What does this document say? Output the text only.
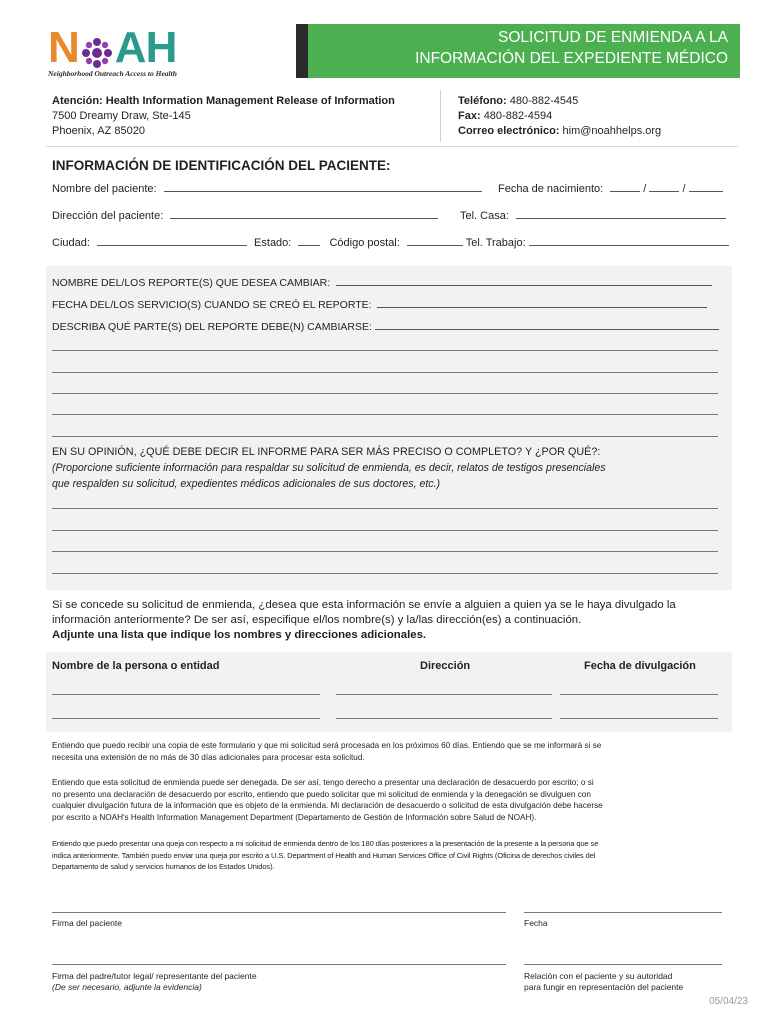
N A H
Neighborhood Outreach Access to Health
SOLICITUD DE ENMIENDA A LA
INFORMACIÓN DEL EXPEDIENTE MÉDICO
Atención: Health Information Management Release of Information
7500 Dreamy Draw, Ste-145
Phoenix, AZ 85020
Teléfono: 480-882-4545
Fax: 480-882-4594
Correo electrónico: him@noahhelps.org
INFORMACIÓN DE IDENTIFICACIÓN DEL PACIENTE:
Nombre del paciente:	Fecha de nacimiento:	/	/
Dirección del paciente:	Tel. Casa:
Ciudad:	Estado:	Código postal:	Tel. Trabajo:
NOMBRE DEL/LOS REPORTE(S) QUE DESEA CAMBIAR:
FECHA DEL/LOS SERVICIO(S) CUANDO SE CREÓ EL REPORTE:
DESCRIBA QUÉ PARTE(S) DEL REPORTE DEBE(N) CAMBIARSE:
EN SU OPINIÓN, ¿QUÉ DEBE DECIR EL INFORME PARA SER MÁS PRECISO O COMPLETO? Y ¿POR QUÉ?:
(Proporcione suficiente información para respaldar su solicitud de enmienda, es decir, relatos de testigos presenciales
que respalden su solicitud, expedientes médicos adicionales de sus doctores, etc.)
Si se concede su solicitud de enmienda, ¿desea que esta información se envíe a alguien a quien ya se le haya divulgado la
información anteriormente? De ser así, especifique el/los nombre(s) y la/las dirección(es) a continuación.
Adjunte una lista que indique los nombres y direcciones adicionales.
Nombre de la persona o entidad	Dirección	Fecha de divulgación
Entiendo que puedo recibir una copia de este formulario y que mi solicitud será procesada en los próximos 60 días. Entiendo que se me informará si se
necesita una extensión de no más de 30 días adicionales para procesar esta solicitud.
Entiendo que esta solicitud de enmienda puede ser denegada. De ser así, tengo derecho a presentar una declaración de desacuerdo por escrito; o si
no presento una declaración de desacuerdo por escrito, entiendo que puedo solicitar que mi solicitud de enmienda y la denegación se divulguen con
cualquier divulgación futura de la información que es objeto de la enmienda. Mi declaración de desacuerdo o solicitud de esta divulgación debe hacerse
por escrito a NOAH's Health Information Management Department (Departamento de Gestión de Información sobre Salud de NOAH).
Entiendo que puedo presentar una queja con respecto a mi solicitud de enmienda dentro de los 180 días posteriores a la presentación de la presente a la persona que se
indica anteriormente. También puedo enviar una queja por escrito a U.S. Department of Health and Human Services Office of Civil Rights (Oficina de derechos civiles del
Departamento de salud y servicios humanos de los Estados Unidos).
Firma del paciente	Fecha
Firma del padre/tutor legal/ representante del paciente
(De ser necesario, adjunte la evidencia)
Relación con el paciente y su autoridad
para fungir en representación del paciente
05/04/23
